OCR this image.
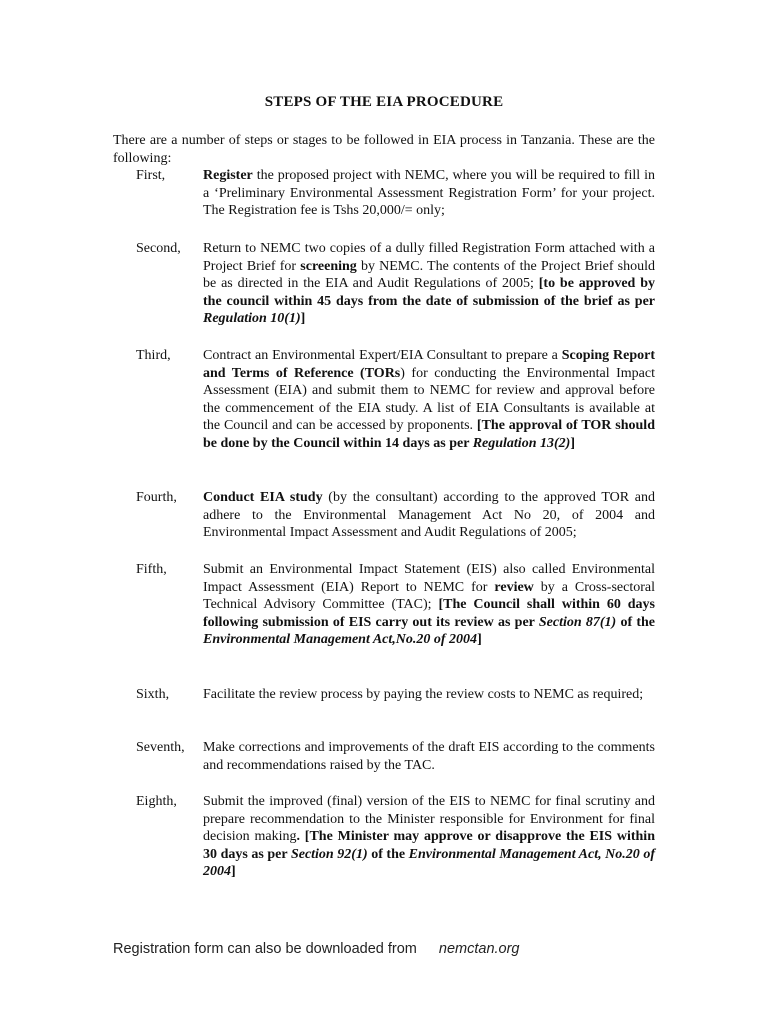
STEPS OF THE EIA PROCEDURE
There are a number of steps or stages to be followed in EIA process in Tanzania. These are the following:
First,	Register the proposed project with NEMC, where you will be required to fill in a ‘Preliminary Environmental Assessment Registration Form’ for your project. The Registration fee is Tshs 20,000/= only;
Second, Return to NEMC two copies of a dully filled Registration Form attached with a Project Brief for screening by NEMC. The contents of the Project Brief should be as directed in the EIA and Audit Regulations of 2005; [to be approved by the council within 45 days from the date of submission of the brief as per Regulation 10(1)]
Third, Contract an Environmental Expert/EIA Consultant to prepare a Scoping Report and Terms of Reference (TORs) for conducting the Environmental Impact Assessment (EIA) and submit them to NEMC for review and approval before the commencement of the EIA study. A list of EIA Consultants is available at the Council and can be accessed by proponents. [The approval of TOR should be done by the Council within 14 days as per Regulation 13(2)]
Fourth, Conduct EIA study (by the consultant) according to the approved TOR and adhere to the Environmental Management Act No 20, of 2004 and Environmental Impact Assessment and Audit Regulations of 2005;
Fifth,	Submit an Environmental Impact Statement (EIS) also called Environmental Impact Assessment (EIA) Report to NEMC for review by a Cross-sectoral Technical Advisory Committee (TAC); [The Council shall within 60 days following submission of EIS carry out its review as per Section 87(1) of the Environmental Management Act,No.20 of 2004]
Sixth, Facilitate the review process by paying the review costs to NEMC as required;
Seventh, Make corrections and improvements of the draft EIS according to the comments and recommendations raised by the TAC.
Eighth, Submit the improved (final) version of the EIS to NEMC for final scrutiny and prepare recommendation to the Minister responsible for Environment for final decision making. [The Minister may approve or disapprove the EIS within 30 days as per Section 92(1) of the Environmental Management Act, No.20 of 2004]
Registration form can also be downloaded from nemctan.org
